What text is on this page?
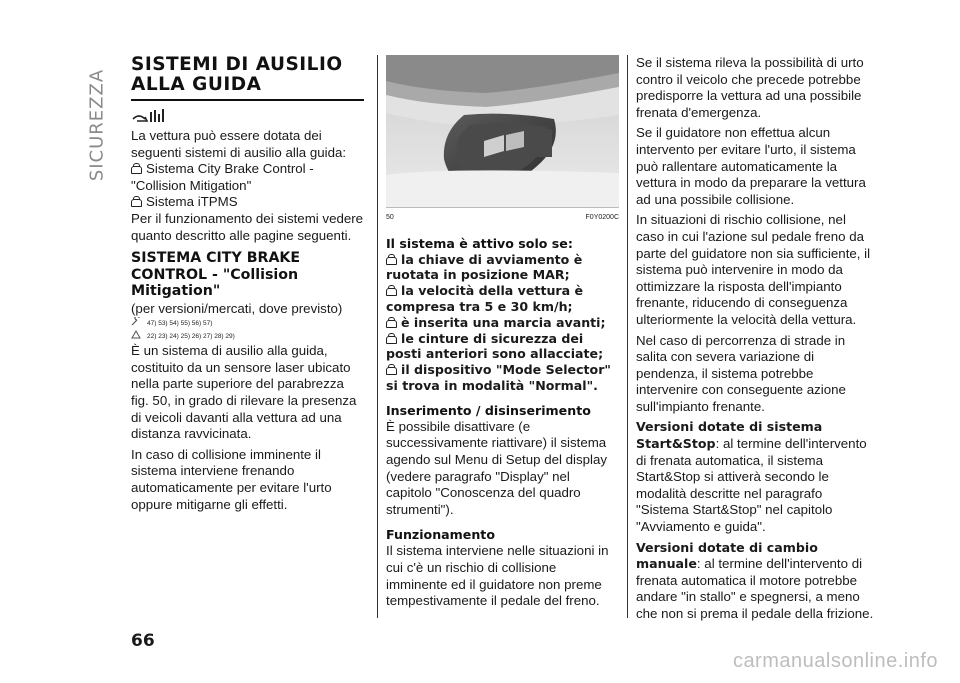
SICUREZZA
SISTEMI DI AUSILIO
ALLA GUIDA

La vettura può essere dotata dei seguenti sistemi di ausilio alla guida:

Sistema City Brake Control - "Collision Mitigation"
Sistema iTPMS

Per il funzionamento dei sistemi vedere quanto descritto alle pagine seguenti.

SISTEMA CITY BRAKE CONTROL - "Collision Mitigation"

(per versioni/mercati, dove previsto)

47) 53) 54) 55) 56) 57)
22) 23) 24) 25) 26) 27) 28) 29)

È un sistema di ausilio alla guida, costituito da un sensore laser ubicato nella parte superiore del parabrezza fig. 50, in grado di rilevare la presenza di veicoli davanti alla vettura ad una distanza ravvicinata.

In caso di collisione imminente il sistema interviene frenando automaticamente per evitare l'urto oppure mitigarne gli effetti.

50	F0Y0200C
Il sistema è attivo solo se:
la chiave di avviamento è ruotata in posizione MAR;
la velocità della vettura è compresa tra 5 e 30 km/h;
è inserita una marcia avanti;
le cinture di sicurezza dei posti anteriori sono allacciate;
il dispositivo "Mode Selector" si trova in modalità "Normal".
Inserimento / disinserimento

È possibile disattivare (e successivamente riattivare) il sistema agendo sul Menu di Setup del display (vedere paragrafo "Display" nel capitolo "Conoscenza del quadro strumenti").

Funzionamento

Il sistema interviene nelle situazioni in cui c'è un rischio di collisione imminente ed il guidatore non preme tempestivamente il pedale del freno.

Se il sistema rileva la possibilità di urto contro il veicolo che precede potrebbe predisporre la vettura ad una possibile frenata d'emergenza.

Se il guidatore non effettua alcun intervento per evitare l'urto, il sistema può rallentare automaticamente la vettura in modo da preparare la vettura ad una possibile collisione.

In situazioni di rischio collisione, nel caso in cui l'azione sul pedale freno da parte del guidatore non sia sufficiente, il sistema può intervenire in modo da ottimizzare la risposta dell'impianto frenante, riducendo di conseguenza ulteriormente la velocità della vettura.

Nel caso di percorrenza di strade in salita con severa variazione di pendenza, il sistema potrebbe intervenire con conseguente azione sull'impianto frenante.

Versioni dotate di sistema Start&Stop: al termine dell'intervento di frenata automatica, il sistema Start&Stop si attiverà secondo le modalità descritte nel paragrafo "Sistema Start&Stop" nel capitolo "Avviamento e guida".

Versioni dotate di cambio manuale: al termine dell'intervento di frenata automatica il motore potrebbe andare "in stallo" e spegnersi, a meno che non si prema il pedale della frizione.

66
carmanualsonline.info
